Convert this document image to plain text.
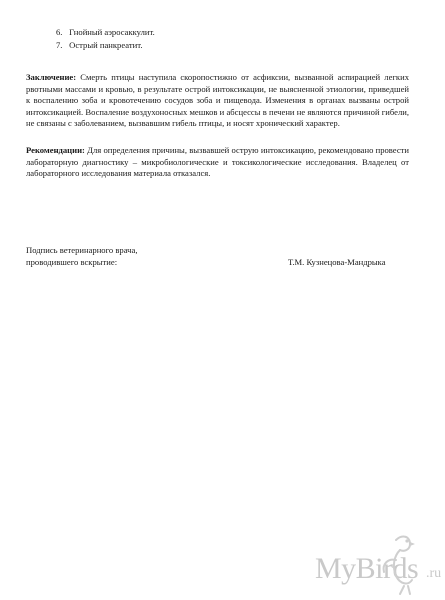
6. Гнойный аэросаккулит.
7. Острый панкреатит.
Заключение: Смерть птицы наступила скоропостижно от асфиксии, вызванной аспирацией легких рвотными массами и кровью, в результате острой интоксикации, не выясненной этиологии, приведшей к воспалению зоба и кровотечению сосудов зоба и пищевода. Изменения в органах вызваны острой интоксикацией. Воспаление воздухоносных мешков и абсцессы в печени не являются причиной гибели, не связаны с заболеванием, вызвавшим гибель птицы, и носят хронический характер.
Рекомендации: Для определения причины, вызвавшей острую интоксикацию, рекомендовано провести лабораторную диагностику – микробиологические и токсикологические исследования. Владелец от лабораторного исследования материала отказался.
Подпись ветеринарного врача,
проводившего вскрытие:	Т.М. Кузнецова-Мандрыка
MyBirds .ru
